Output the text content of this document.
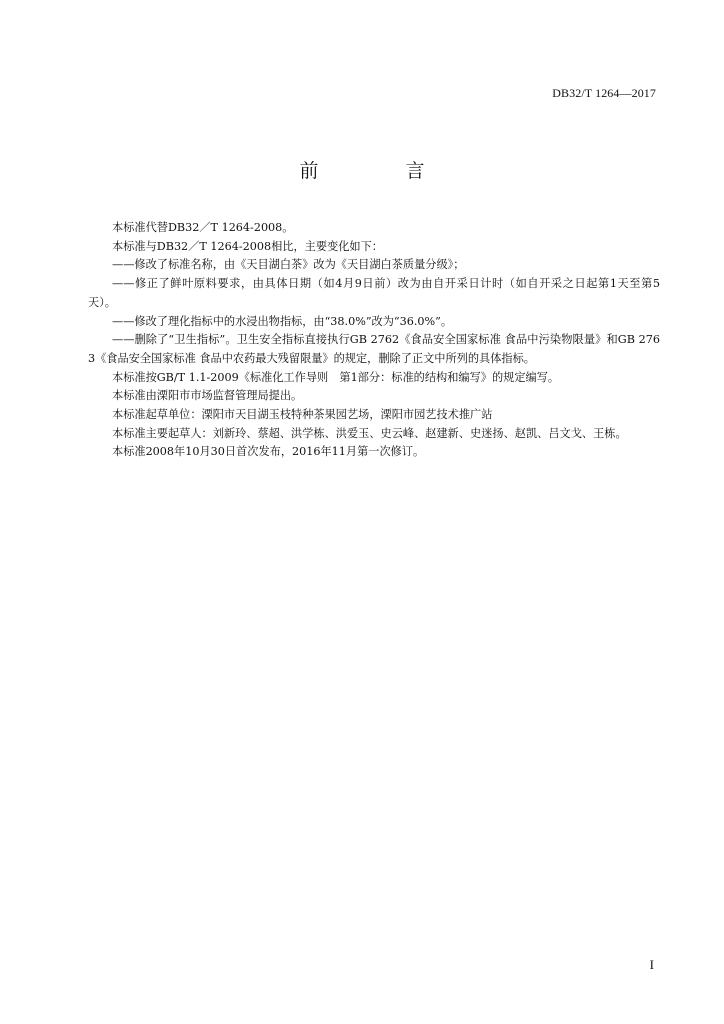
DB32/T 1264—2017
前　言

本标准代替DB32／T 1264-2008。

本标准与DB32／T 1264-2008相比，主要变化如下：

——修改了标准名称，由《天目湖白茶》改为《天目湖白茶质量分级》；

——修正了鲜叶原料要求，由具体日期（如4月9日前）改为由自开采日计时（如自开采之日起第1天至第5天）。

——修改了理化指标中的水浸出物指标，由“38.0%”改为“36.0%”。

——删除了“卫生指标”。卫生安全指标直接执行GB 2762《食品安全国家标准 食品中污染物限量》和GB 2763《食品安全国家标准 食品中农药最大残留限量》的规定，删除了正文中所列的具体指标。

本标准按GB/T 1.1-2009《标准化工作导则　第1部分：标准的结构和编写》的规定编写。

本标准由溧阳市市场监督管理局提出。

本标准起草单位：溧阳市天目湖玉枝特种茶果园艺场，溧阳市园艺技术推广站

本标准主要起草人：刘新玲、蔡超、洪学栋、洪爱玉、史云峰、赵建新、史迷扬、赵凯、吕文戈、王栋。

本标准2008年10月30日首次发布，2016年11月第一次修订。

I
